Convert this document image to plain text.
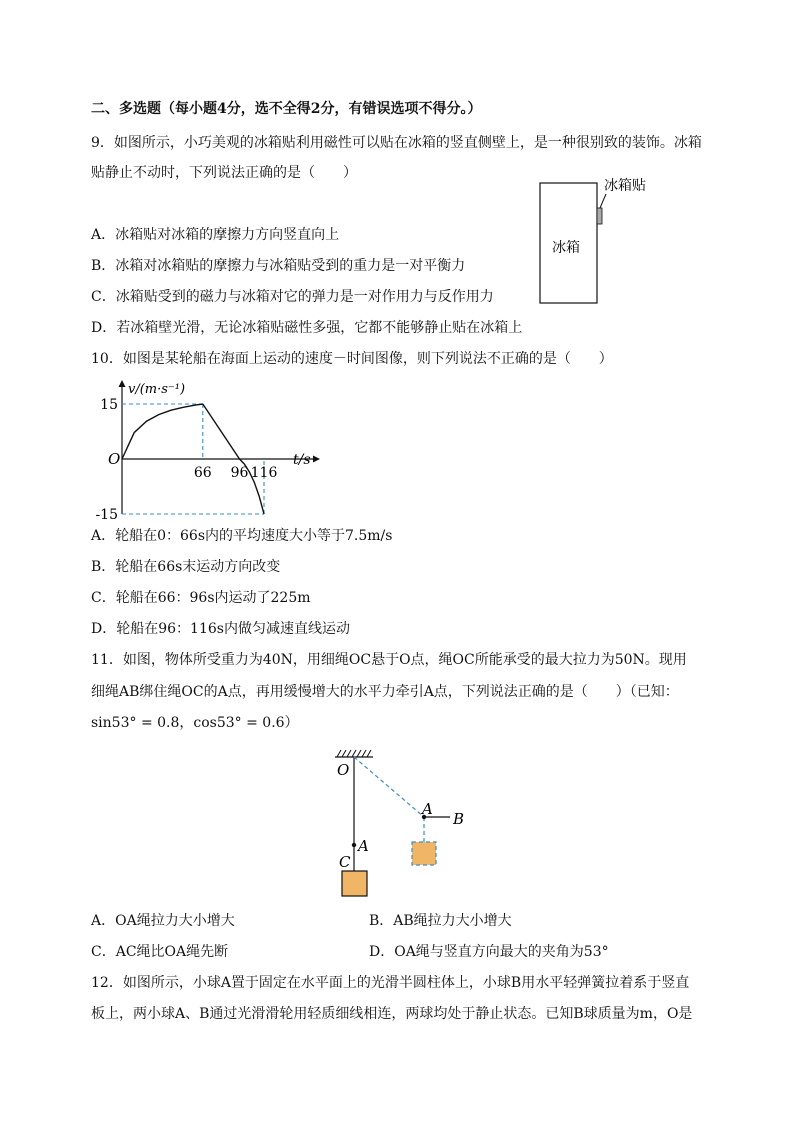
二、多选题（每小题4分，选不全得2分，有错误选项不得分。）
9．如图所示，小巧美观的冰箱贴利用磁性可以贴在冰箱的竖直侧壁上，是一种很别致的装饰。冰箱
贴静止不动时，下列说法正确的是（　　）
冰箱
冰箱贴
A．冰箱贴对冰箱的摩擦力方向竖直向上
B．冰箱对冰箱贴的摩擦力与冰箱贴受到的重力是一对平衡力
C．冰箱贴受到的磁力与冰箱对它的弹力是一对作用力与反作用力
D．若冰箱壁光滑，无论冰箱贴磁性多强，它都不能够静止贴在冰箱上
10．如图是某轮船在海面上运动的速度－时间图像，则下列说法不正确的是（　　）
66 96 116
15
-15
v/(m·s⁻¹)
t/s
O
A．轮船在0：66s内的平均速度大小等于7.5m/s
B．轮船在66s末运动方向改变
C．轮船在66：96s内运动了225m
D．轮船在96：116s内做匀减速直线运动
11．如图，物体所受重力为40N，用细绳OC悬于O点，绳OC所能承受的最大拉力为50N。现用
细绳AB绑住绳OC的A点，再用缓慢增大的水平力牵引A点，下列说法正确的是（　　）（已知：
sin53° = 0.8，cos53° = 0.6）
O
A
C
A
B
A．OA绳拉力大小增大	B．AB绳拉力大小增大
C．AC绳比OA绳先断	D．OA绳与竖直方向最大的夹角为53°
12．如图所示，小球A置于固定在水平面上的光滑半圆柱体上，小球B用水平轻弹簧拉着系于竖直
板上，两小球A、B通过光滑滑轮用轻质细线相连，两球均处于静止状态。已知B球质量为m，O是
